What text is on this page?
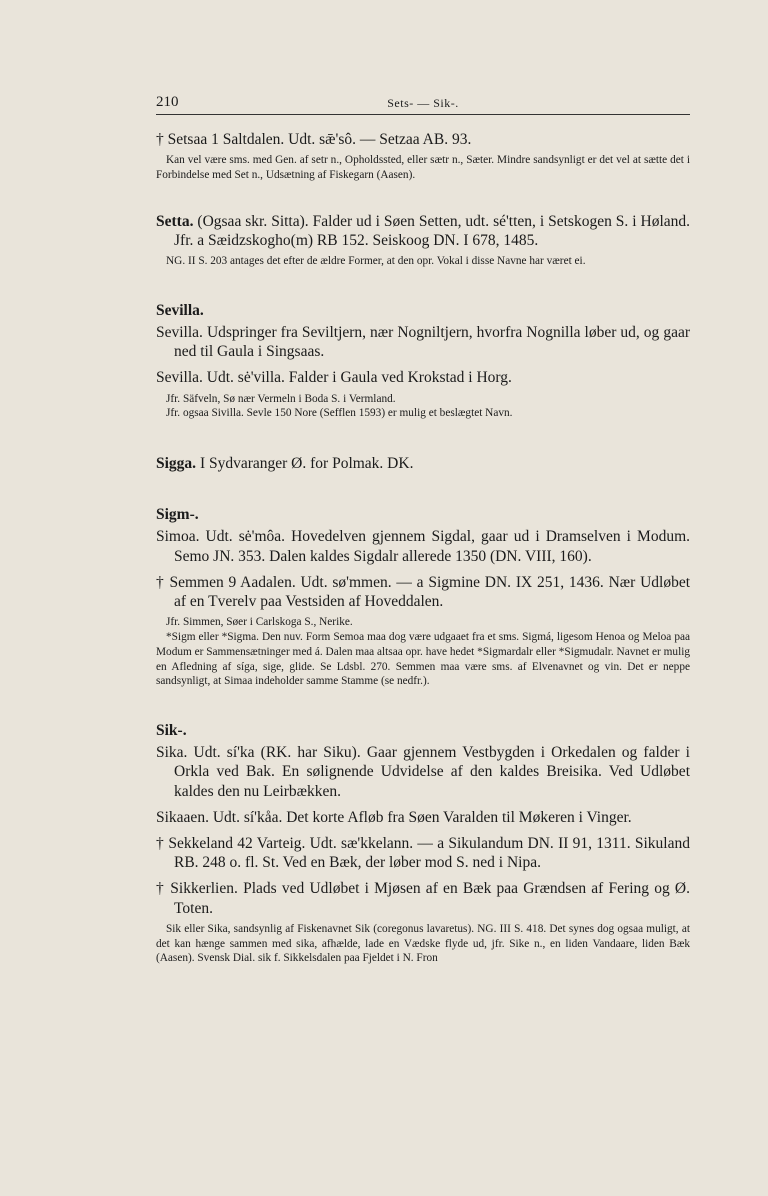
210	Sets- — Sik-.

† Setsaa 1 Saltdalen. Udt. sǣ'sô. — Setzaa AB. 93.

Kan vel være sms. med Gen. af setr n., Opholdssted, eller sætr n., Sæter. Mindre sandsynligt er det vel at sætte det i Forbindelse med Set n., Udsætning af Fiskegarn (Aasen).

Setta. (Ogsaa skr. Sitta). Falder ud i Søen Setten, udt. sé'tten, i Setskogen S. i Høland. Jfr. a Sæidzskogho(m) RB 152. Seiskoog DN. I 678, 1485.

NG. II S. 203 antages det efter de ældre Former, at den opr. Vokal i disse Navne har været ei.

Sevilla.

Sevilla. Udspringer fra Seviltjern, nær Nogniltjern, hvorfra Nognilla løber ud, og gaar ned til Gaula i Singsaas.

Sevilla. Udt. sė'villa. Falder i Gaula ved Krokstad i Horg.

Jfr. Säfveln, Sø nær Vermeln i Boda S. i Vermland.

Jfr. ogsaa Sivilla. Sevle 150 Nore (Sefflen 1593) er mulig et beslægtet Navn.

Sigga. I Sydvaranger Ø. for Polmak. DK.

Sigm-.

Simoa. Udt. sė'môa. Hovedelven gjennem Sigdal, gaar ud i Dramselven i Modum. Semo JN. 353. Dalen kaldes Sigdalr allerede 1350 (DN. VIII, 160).

† Semmen 9 Aadalen. Udt. sø'mmen. — a Sigmine DN. IX 251, 1436. Nær Udløbet af en Tverelv paa Vestsiden af Hoveddalen.

Jfr. Simmen, Søer i Carlskoga S., Nerike.

*Sigm eller *Sigma. Den nuv. Form Semoa maa dog være udgaaet fra et sms. Sigmá, ligesom Henoa og Meloa paa Modum er Sammensætninger med á. Dalen maa altsaa opr. have hedet *Sigmardalr eller *Sigmudalr. Navnet er mulig en Afledning af síga, sige, glide. Se Ldsbl. 270. Semmen maa være sms. af Elvenavnet og vin. Det er neppe sandsynligt, at Simaa indeholder samme Stamme (se nedfr.).

Sik-.

Sika. Udt. sí'ka (RK. har Siku). Gaar gjennem Vestbygden i Orkedalen og falder i Orkla ved Bak. En sølignende Udvidelse af den kaldes Breisika. Ved Udløbet kaldes den nu Leirbækken.

Sikaaen. Udt. sí'kåa. Det korte Afløb fra Søen Varalden til Møkeren i Vinger.

† Sekkeland 42 Varteig. Udt. sæ'kkelann. — a Sikulandum DN. II 91, 1311. Sikuland RB. 248 o. fl. St. Ved en Bæk, der løber mod S. ned i Nipa.

† Sikkerlien. Plads ved Udløbet i Mjøsen af en Bæk paa Grændsen af Fering og Ø. Toten.

Sik eller Sika, sandsynlig af Fiskenavnet Sik (coregonus lavaretus). NG. III S. 418. Det synes dog ogsaa muligt, at det kan hænge sammen med sika, afhælde, lade en Vædske flyde ud, jfr. Sike n., en liden Vandaare, liden Bæk (Aasen). Svensk Dial. sik f. Sikkelsdalen paa Fjeldet i N. Fron
